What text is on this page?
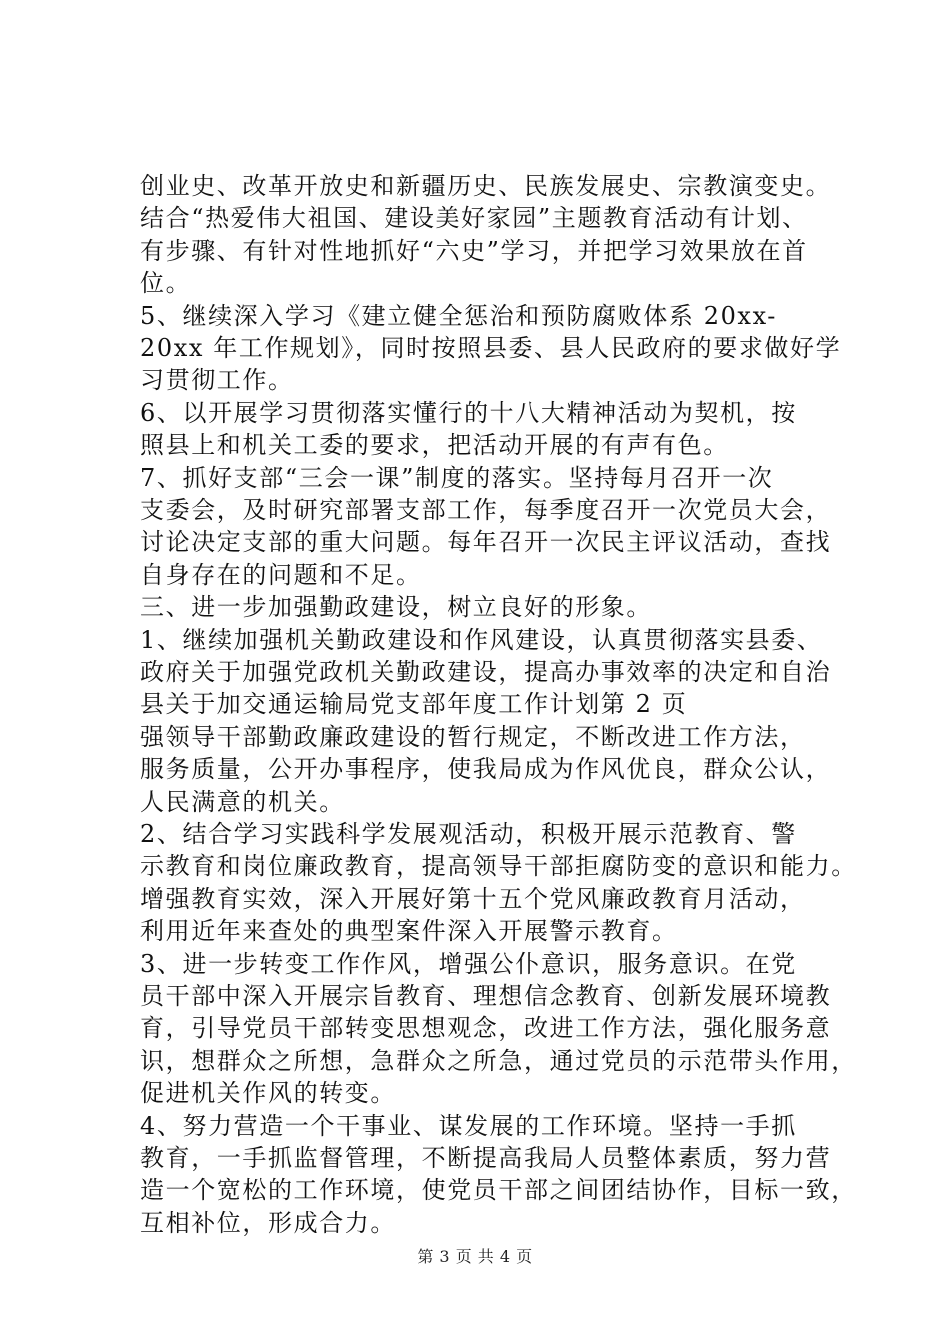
创业史、改革开放史和新疆历史、民族发展史、宗教演变史。
结合“热爱伟大祖国、建设美好家园”主题教育活动有计划、
有步骤、有针对性地抓好“六史”学习，并把学习效果放在首
位。
5、继续深入学习《建立健全惩治和预防腐败体系 20xx-
20xx 年工作规划》，同时按照县委、县人民政府的要求做好学
习贯彻工作。
6、以开展学习贯彻落实懂行的十八大精神活动为契机，按
照县上和机关工委的要求，把活动开展的有声有色。
7、抓好支部“三会一课”制度的落实。坚持每月召开一次
支委会，及时研究部署支部工作，每季度召开一次党员大会，
讨论决定支部的重大问题。每年召开一次民主评议活动，查找
自身存在的问题和不足。
三、进一步加强勤政建设，树立良好的形象。
1、继续加强机关勤政建设和作风建设，认真贯彻落实县委、
政府关于加强党政机关勤政建设，提高办事效率的决定和自治
县关于加交通运输局党支部年度工作计划第 2 页
强领导干部勤政廉政建设的暂行规定，不断改进工作方法，
服务质量，公开办事程序，使我局成为作风优良，群众公认，
人民满意的机关。
2、结合学习实践科学发展观活动，积极开展示范教育、警
示教育和岗位廉政教育，提高领导干部拒腐防变的意识和能力。
增强教育实效，深入开展好第十五个党风廉政教育月活动，
利用近年来查处的典型案件深入开展警示教育。
3、进一步转变工作作风，增强公仆意识，服务意识。在党
员干部中深入开展宗旨教育、理想信念教育、创新发展环境教
育，引导党员干部转变思想观念，改进工作方法，强化服务意
识，想群众之所想，急群众之所急，通过党员的示范带头作用，
促进机关作风的转变。
4、努力营造一个干事业、谋发展的工作环境。坚持一手抓
教育，一手抓监督管理，不断提高我局人员整体素质，努力营
造一个宽松的工作环境，使党员干部之间团结协作，目标一致，
互相补位，形成合力。
第 3 页 共 4 页
